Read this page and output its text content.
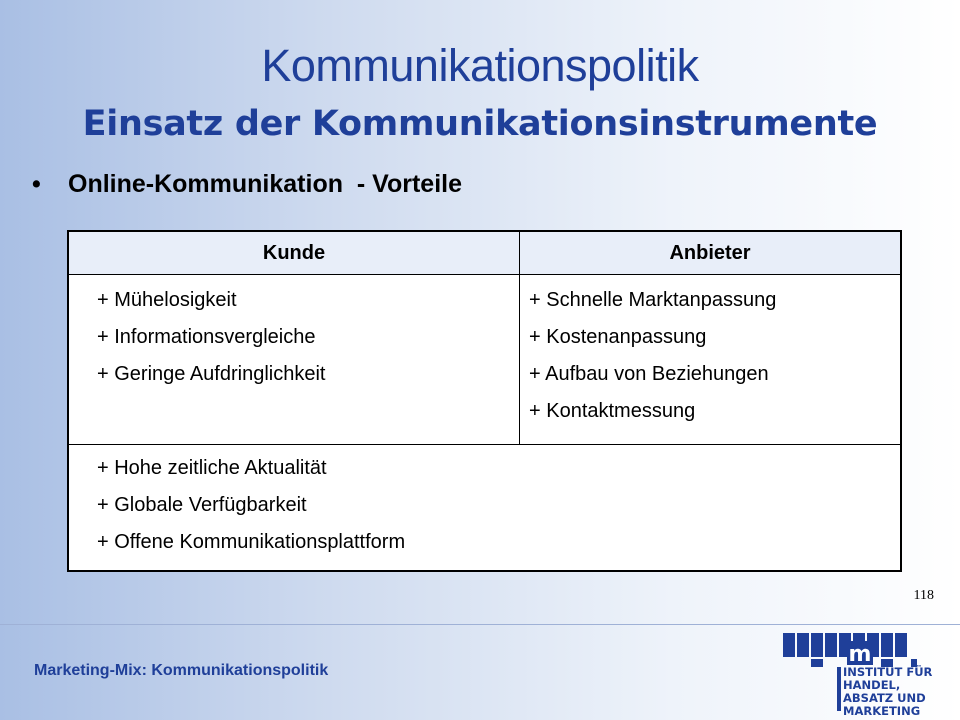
Kommunikationspolitik
Einsatz der Kommunikationsinstrumente
• Online-Kommunikation  - Vorteile
Kunde	Anbieter
+ Mühelosigkeit
+ Informationsvergleiche
+ Geringe Aufdringlichkeit
+ Schnelle Marktanpassung
+ Kostenanpassung
+ Aufbau von Beziehungen
+ Kontaktmessung
+ Hohe zeitliche Aktualität
+ Globale Verfügbarkeit
+ Offene Kommunikationsplattform
118
Marketing-Mix: Kommunikationspolitik
m
INSTITUT FÜR HANDEL, ABSATZ UND MARKETING
